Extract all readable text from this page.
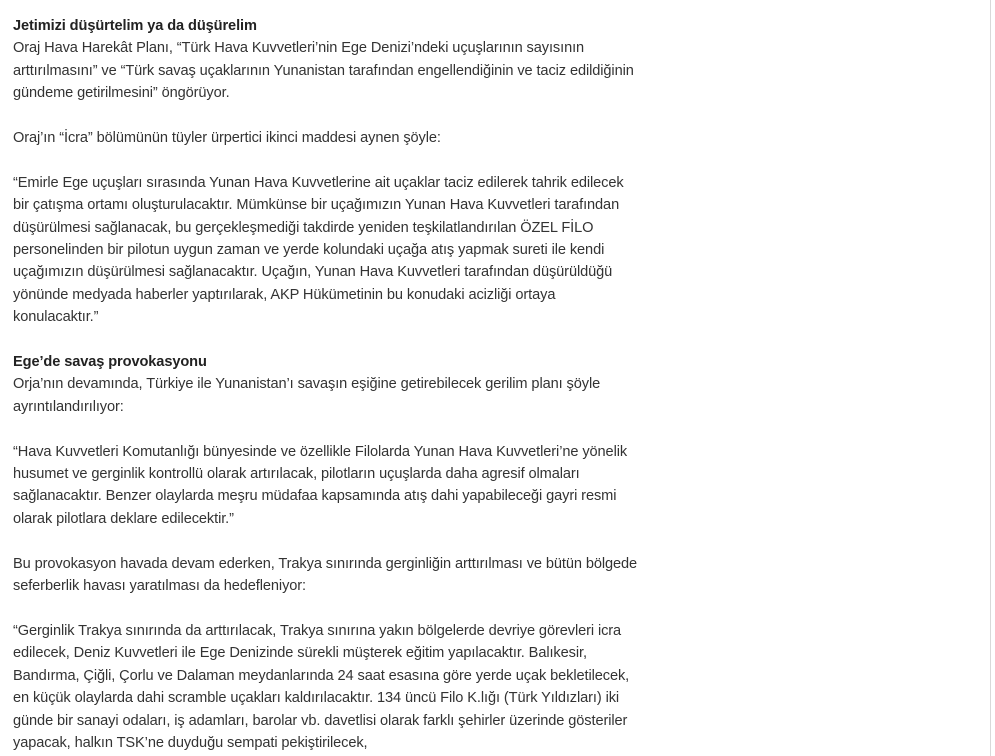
Jetimizi düşürtelim ya da düşürelim
Oraj Hava Harekât Planı, “Türk Hava Kuvvetleri’nin Ege Denizi’ndeki uçuşlarının sayısının arttırılmasını” ve “Türk savaş uçaklarının Yunanistan tarafından engellendiğinin ve taciz edildiğinin gündeme getirilmesini” öngörüyor.

Oraj’ın “İcra” bölümünün tüyler ürpertici ikinci maddesi aynen şöyle:

“Emirle Ege uçuşları sırasında Yunan Hava Kuvvetlerine ait uçaklar taciz edilerek tahrik edilecek bir çatışma ortamı oluşturulacaktır. Mümkünse bir uçağımızın Yunan Hava Kuvvetleri tarafından düşürülmesi sağlanacak, bu gerçekleşmediği takdirde yeniden teşkilatlandırılan ÖZEL FİLO personelinden bir pilotun uygun zaman ve yerde kolundaki uçağa atış yapmak sureti ile kendi uçağımızın düşürülmesi sağlanacaktır. Uçağın, Yunan Hava Kuvvetleri tarafından düşürüldüğü yönünde medyada haberler yaptırılarak, AKP Hükümetinin bu konudaki acizliği ortaya konulacaktır.”

Ege’de savaş provokasyonu
Orja’nın devamında, Türkiye ile Yunanistan’ı savaşın eşiğine getirebilecek gerilim planı şöyle ayrıntılandırılıyor:

“Hava Kuvvetleri Komutanlığı bünyesinde ve özellikle Filolarda Yunan Hava Kuvvetleri’ne yönelik husumet ve gerginlik kontrollü olarak artırılacak, pilotların uçuşlarda daha agresif olmaları sağlanacaktır. Benzer olaylarda meşru müdafaa kapsamında atış dahi yapabileceği gayri resmi olarak pilotlara deklare edilecektir.”

Bu provokasyon havada devam ederken, Trakya sınırında gerginliğin arttırılması ve bütün bölgede seferberlik havası yaratılması da hedefleniyor:

“Gerginlik Trakya sınırında da arttırılacak, Trakya sınırına yakın bölgelerde devriye görevleri icra edilecek, Deniz Kuvvetleri ile Ege Denizinde sürekli müşterek eğitim yapılacaktır. Balıkesir, Bandırma, Çiğli, Çorlu ve Dalaman meydanlarında 24 saat esasına göre yerde uçak bekletilecek, en küçük olaylarda dahi scramble uçakları kaldırılacaktır. 134 üncü Filo K.lığı (Türk Yıldızları) iki günde bir sanayi odaları, iş adamları, barolar vb. davetlisi olarak farklı şehirler üzerinde gösteriler yapacak, halkın TSK’ne duyduğu sempati pekiştirilecek,
